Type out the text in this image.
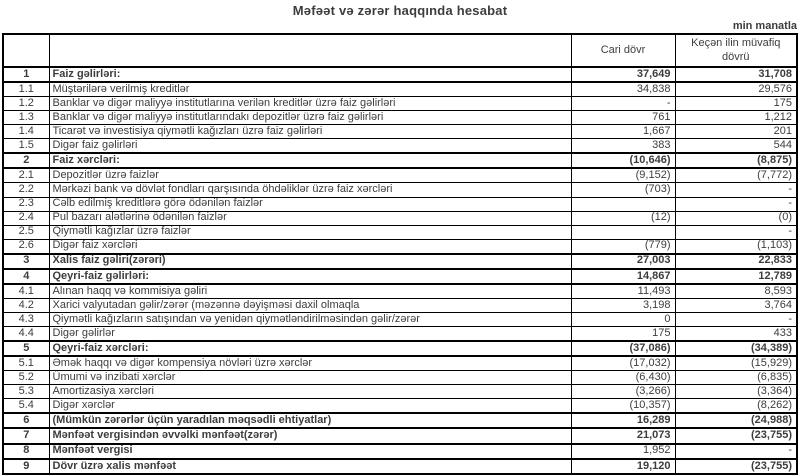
Məfəət və zərər haqqında hesabat
min manatla
		Cari dövr	Keçən ilin müvafiq dövrü
1	Faiz gəlirləri:	37,649	31,708
1.1	Müştərilərə verilmiş kreditlər	34,838	29,576
1.2	Banklar və digər maliyyə institutlarına verilən kreditlər üzrə faiz gəlirləri	-	175
1.3	Banklar və digər maliyyə institutlarındakı depozitlər üzrə faiz gəlirləri	761	1,212
1.4	Ticarət və investisiya qiymətli kağızları üzrə faiz gəlirləri	1,667	201
1.5	Digər faiz gəlirləri	383	544
2	Faiz xərcləri:	(10,646)	(8,875)
2.1	Depozitlər üzrə faizlər	(9,152)	(7,772)
2.2	Mərkəzi bank və dövlət fondları qarşısında öhdəliklər üzrə faiz xərcləri	(703)	-
2.3	Cəlb edilmiş kreditlərə görə ödənilən faizlər		-
2.4	Pul bazarı alətlərinə ödənilən faizlər	(12)	(0)
2.5	Qiymətli kağızlar üzrə faizlər		-
2.6	Digər faiz xərcləri	(779)	(1,103)
3	Xalis faiz gəliri(zərəri)	27,003	22,833
4	Qeyri-faiz gəlirləri:	14,867	12,789
4.1	Alınan haqq və kommisiya gəliri	11,493	8,593
4.2	Xarici valyutadan gəlir/zərər (məzənnə dəyişməsi daxil olmaqla	3,198	3,764
4.3	Qiymətli kağızların satışından və yenidən qiymətləndirilməsindən gəlir/zərər	0	-
4.4	Digər gəlirlər	175	433
5	Qeyri-faiz xərcləri:	(37,086)	(34,389)
5.1	Əmək haqqı və digər kompensiya növləri üzrə xərclər	(17,032)	(15,929)
5.2	Ümumi və inzibati xərclər	(6,430)	(6,835)
5.3	Amortizasiya xərcləri	(3,266)	(3,364)
5.4	Digər xərclər	(10,357)	(8,262)
6	(Mümkün zərərlər üçün yaradılan məqsədli ehtiyatlar)	16,289	(24,988)
7	Mənfəət vergisindən əvvəlki mənfəət(zərər)	21,073	(23,755)
8	Mənfəət vergisi	1,952	-
9	Dövr üzrə xalis mənfəət	19,120	(23,755)
